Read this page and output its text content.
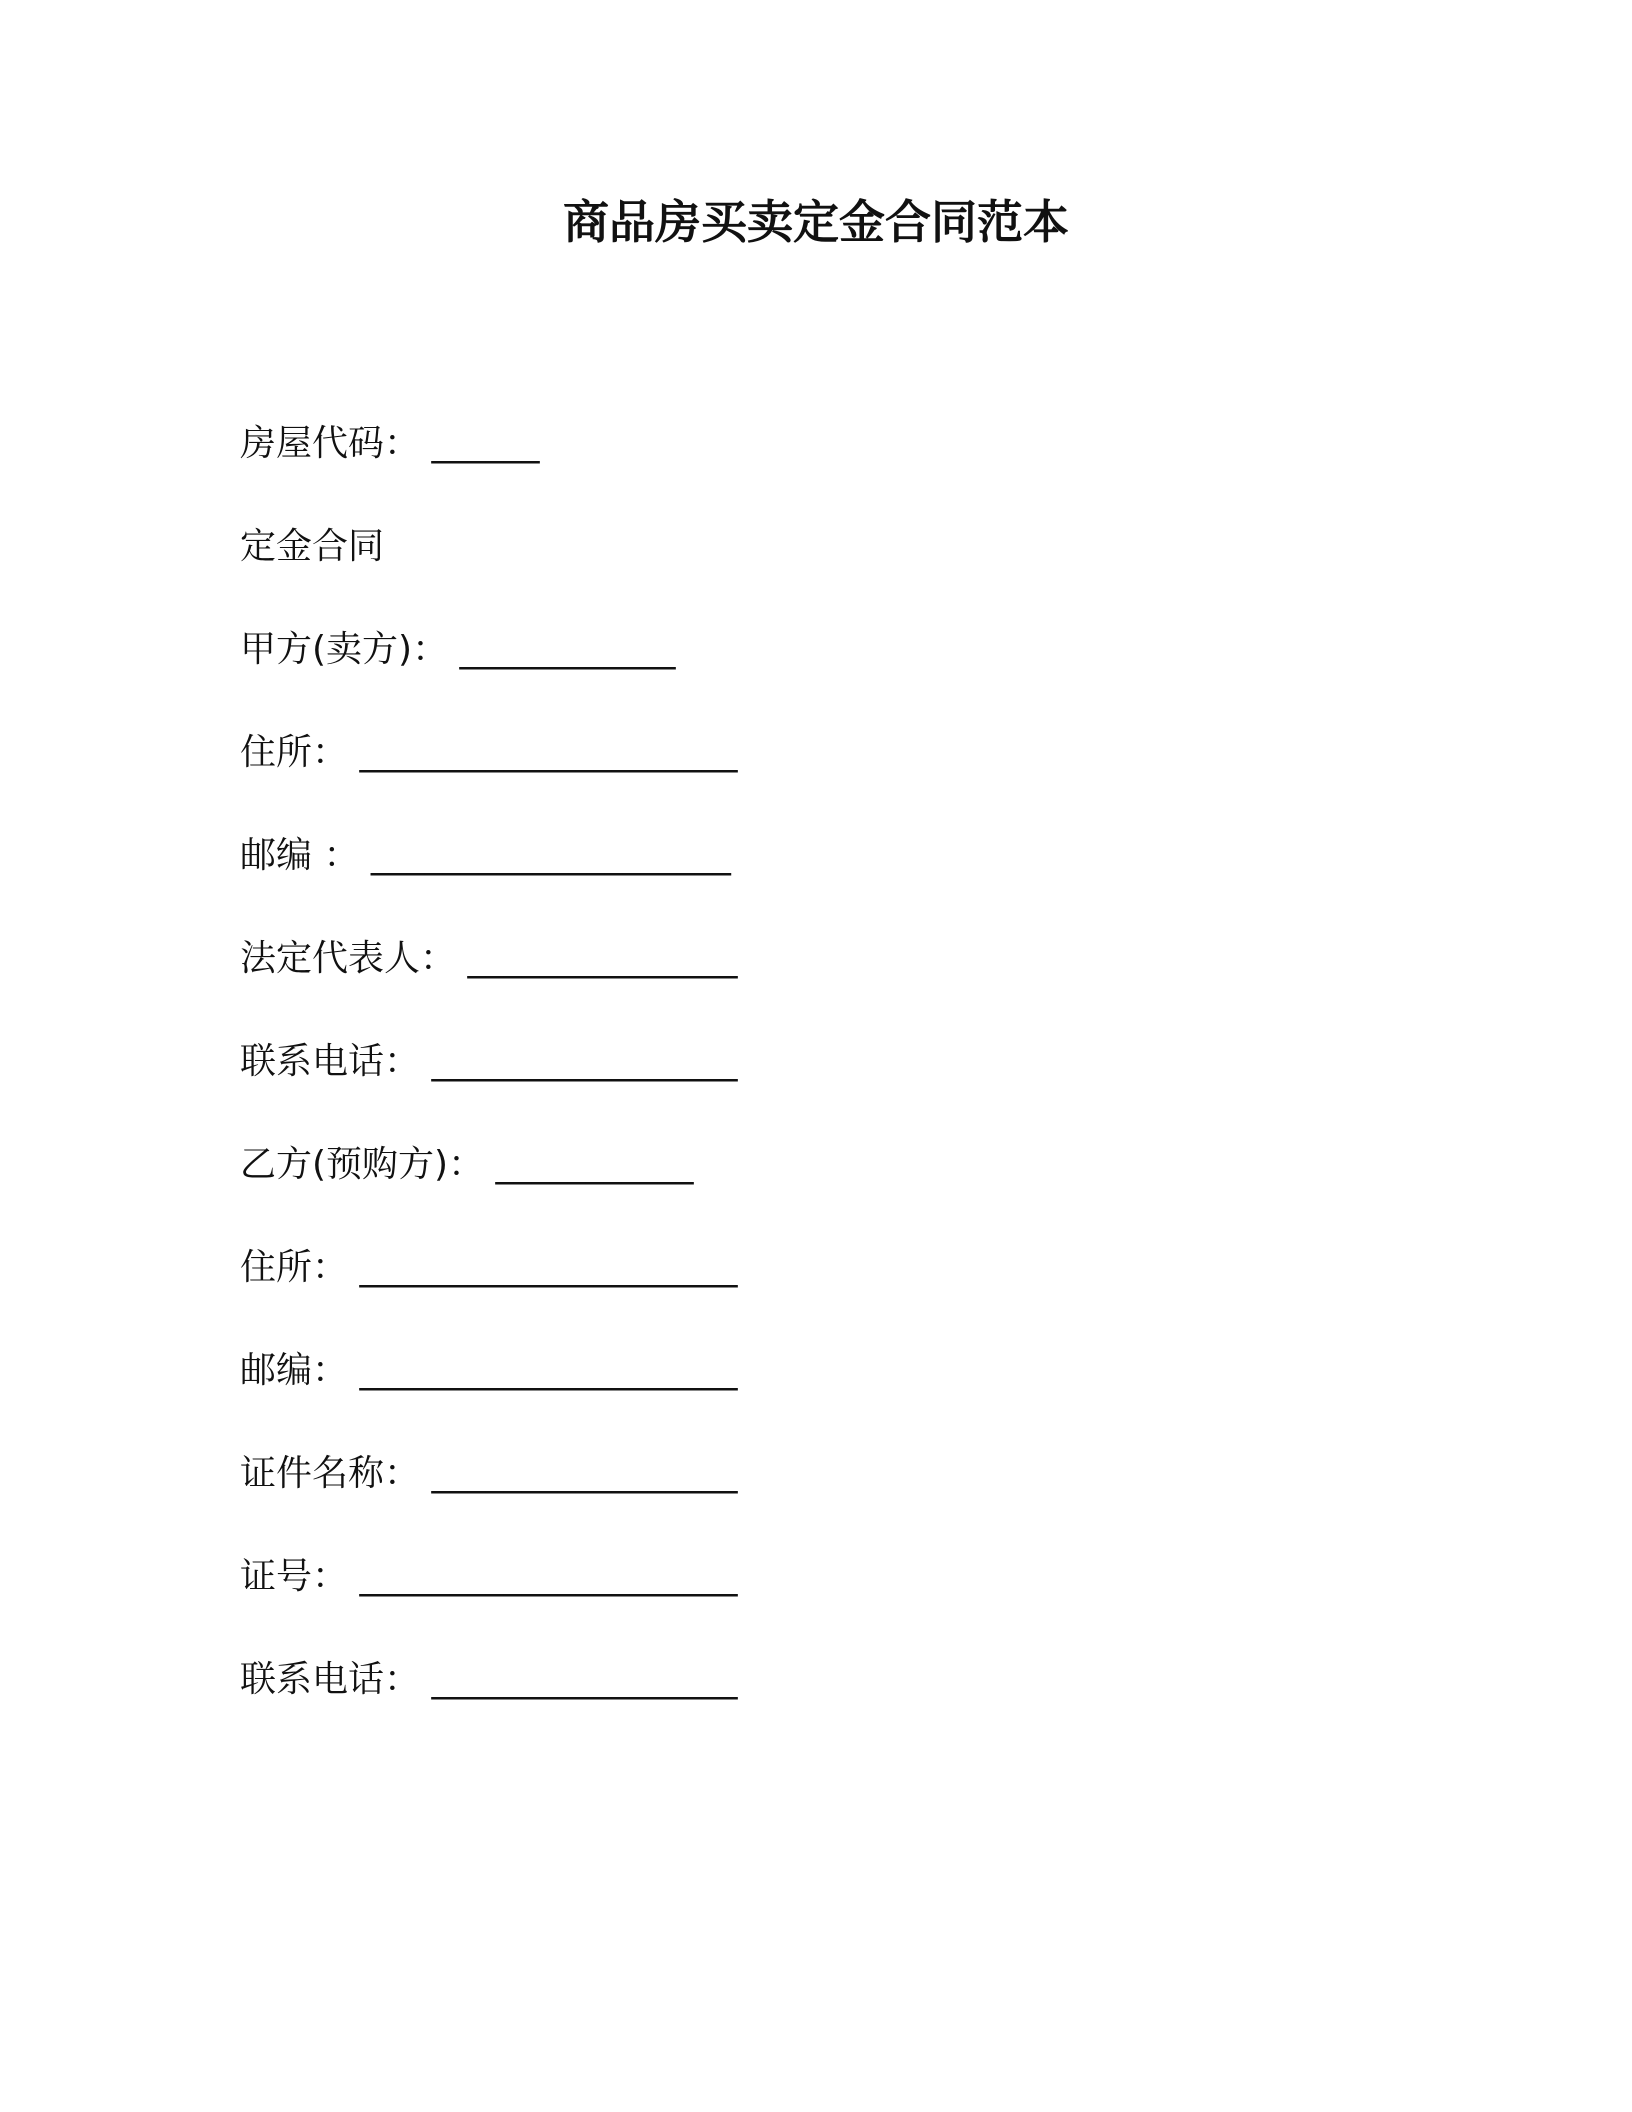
商品房买卖定金合同范本
房屋代码： ______
定金合同
甲方(卖方)： ____________
住所： _____________________
邮编 ： ____________________
法定代表人： _______________
联系电话： _________________
乙方(预购方)： ___________
住所： _____________________
邮编： _____________________
证件名称： _________________
证号： _____________________
联系电话： _________________
